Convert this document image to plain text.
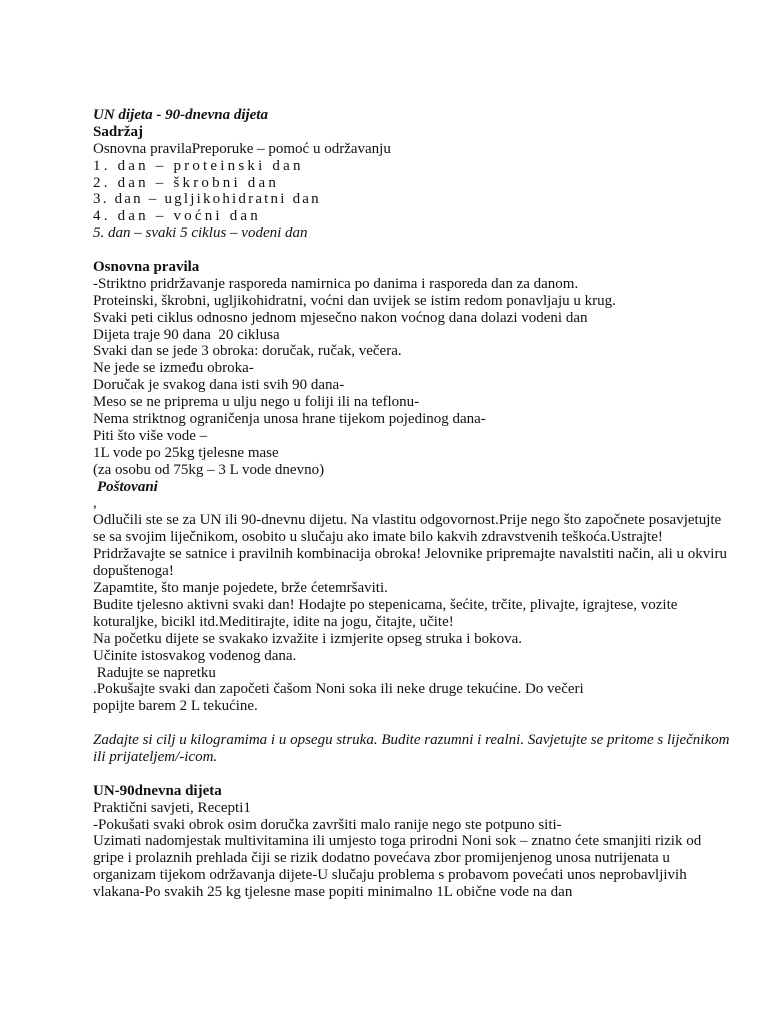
UN dijeta - 90-dnevna dijeta
Sadržaj
Osnovna pravilaPreporuke – pomoć u održavanju
1. dan – proteinski dan
2. dan – škrobni dan
3. dan – ugljikohidratni dan
4. dan – voćni dan
5. dan – svaki 5 ciklus – vodeni dan
Osnovna pravila
-Striktno pridržavanje rasporeda namirnica po danima i rasporeda dan za danom.
Proteinski, škrobni, ugljikohidratni, voćni dan uvijek se istim redom ponavljaju u krug.
Svaki peti ciklus odnosno jednom mjesečno nakon voćnog dana dolazi vodeni dan
Dijeta traje 90 dana  20 ciklusa
Svaki dan se jede 3 obroka: doručak, ručak, večera.
Ne jede se između obroka-
Doručak je svakog dana isti svih 90 dana-
Meso se ne priprema u ulju nego u foliji ili na teflonu-
Nema striktnog ograničenja unosa hrane tijekom pojedinog dana-
Piti što više vode –
1L vode po 25kg tjelesne mase
(za osobu od 75kg – 3 L vode dnevno)
Poštovani
,
Odlučili ste se za UN ili 90-dnevnu dijetu. Na vlastitu odgovornost.Prije nego što započnete posavjetujte se sa svojim liječnikom, osobito u slučaju ako imate bilo kakvih zdravstvenih teškoća.Ustrajte! Pridržavajte se satnice i pravilnih kombinacija obroka! Jelovnike pripremajte navalstiti način, ali u okviru dopuštenoga!
Zapamtite, što manje pojedete, brže ćetemršaviti.
Budite tjelesno aktivni svaki dan! Hodajte po stepenicama, šećite, trčite, plivajte, igrajtese, vozite koturaljke, bicikl itd.Meditirajte, idite na jogu, čitajte, učite!
Na početku dijete se svakako izvažite i izmjerite opseg struka i bokova.
Učinite istosvakog vodenog dana.
Radujte se napretku
.Pokušajte svaki dan započeti čašom Noni soka ili neke druge tekućine. Do večeri
popijte barem 2 L tekućine.
Zadajte si cilj u kilogramima i u opsegu struka. Budite razumni i realni. Savjetujte se pritome s liječnikom ili prijateljem/-icom.
UN-90dnevna dijeta
Praktični savjeti, Recepti1
-Pokušati svaki obrok osim doručka završiti malo ranije nego ste potpuno siti-
Uzimati nadomjestak multivitamina ili umjesto toga prirodni Noni sok – znatno ćete smanjiti rizik od gripe i prolaznih prehlada čiji se rizik dodatno povećava zbor promijenjenog unosa nutrijenata u organizam tijekom održavanja dijete-U slučaju problema s probavom povećati unos neprobavljivih vlakana-Po svakih 25 kg tjelesne mase popiti minimalno 1L obične vode na dan
